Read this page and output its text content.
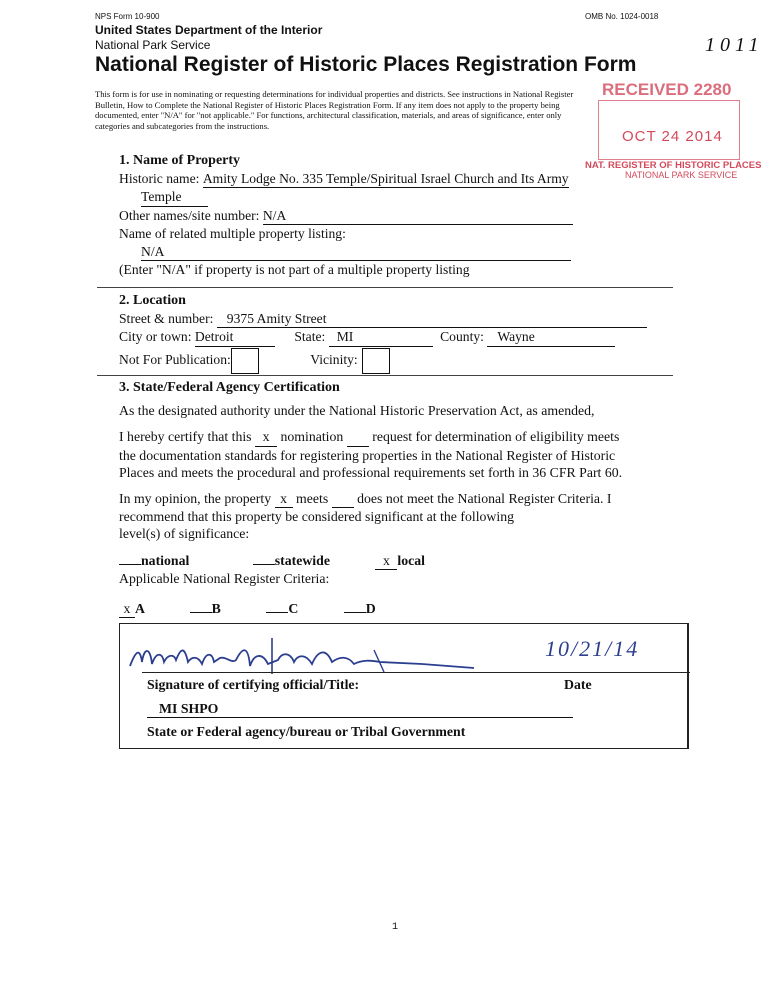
NPS Form 10-900	OMB No. 1024-0018
United States Department of the Interior
National Park Service
National Register of Historic Places Registration Form
1011
This form is for use in nominating or requesting determinations for individual properties and districts. See instructions in National Register
Bulletin, How to Complete the National Register of Historic Places Registration Form. If any item does not apply to the property being
documented, enter "N/A" for "not applicable." For functions, architectural classification, materials, and areas of significance, enter only
categories and subcategories from the instructions.
RECEIVED 2280
OCT 24 2014
NAT. REGISTER OF HISTORIC PLACES
NATIONAL PARK SERVICE
1. Name of Property
Historic name: Amity Lodge No. 335 Temple/Spiritual Israel Church and Its Army
Temple
Other names/site number: N/A
Name of related multiple property listing:
N/A
(Enter "N/A" if property is not part of a multiple property listing
2. Location
Street & number: 9375 Amity Street
City or town: Detroit	State: MI	County: Wayne
Not For Publication:	Vicinity:
3. State/Federal Agency Certification
As the designated authority under the National Historic Preservation Act, as amended,
I hereby certify that this x nomination request for determination of eligibility meets
the documentation standards for registering properties in the National Register of Historic
Places and meets the procedural and professional requirements set forth in 36 CFR Part 60.
In my opinion, the property x meets does not meet the National Register Criteria. I
recommend that this property be considered significant at the following
level(s) of significance:
national	statewide	x local
Applicable National Register Criteria:
x A	B	C	D
10/21/14
Signature of certifying official/Title:	Date
MI SHPO
State or Federal agency/bureau or Tribal Government
1
